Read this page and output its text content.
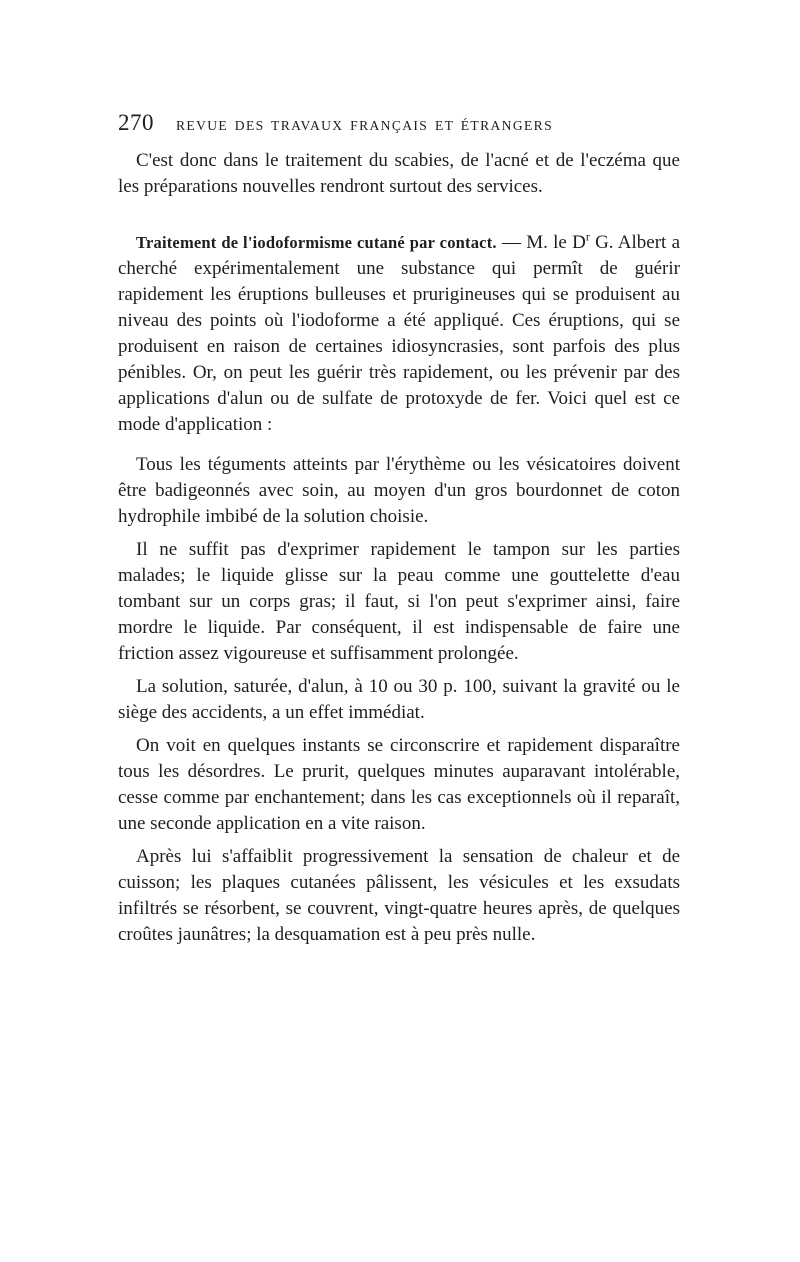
270	REVUE DES TRAVAUX FRANÇAIS ET ÉTRANGERS

C'est donc dans le traitement du scabies, de l'acné et de l'eczéma que les préparations nouvelles rendront surtout des services.

Traitement de l'iodoformisme cutané par contact. — M. le $D^r$ G. Albert a cherché expérimentalement une substance qui permît de guérir rapidement les éruptions bulleuses et prurigineuses qui se produisent au niveau des points où l'iodoforme a été appliqué. Ces éruptions, qui se produisent en raison de certaines idiosyncrasies, sont parfois des plus pénibles. Or, on peut les guérir très rapidement, ou les prévenir par des applications d'alun ou de sulfate de protoxyde de fer. Voici quel est ce mode d'application :

Tous les téguments atteints par l'érythème ou les vésicatoires doivent être badigeonnés avec soin, au moyen d'un gros bourdonnet de coton hydrophile imbibé de la solution choisie.

Il ne suffit pas d'exprimer rapidement le tampon sur les parties malades; le liquide glisse sur la peau comme une gouttelette d'eau tombant sur un corps gras; il faut, si l'on peut s'exprimer ainsi, faire mordre le liquide. Par conséquent, il est indispensable de faire une friction assez vigoureuse et suffisamment prolongée.

La solution, saturée, d'alun, à 10 ou 30 p. 100, suivant la gravité ou le siège des accidents, a un effet immédiat.

On voit en quelques instants se circonscrire et rapidement disparaître tous les désordres. Le prurit, quelques minutes auparavant intolérable, cesse comme par enchantement; dans les cas exceptionnels où il reparaît, une seconde application en a vite raison.

Après lui s'affaiblit progressivement la sensation de chaleur et de cuisson; les plaques cutanées pâlissent, les vésicules et les exsudats infiltrés se résorbent, se couvrent, vingt-quatre heures après, de quelques croûtes jaunâtres; la desquamation est à peu près nulle.
